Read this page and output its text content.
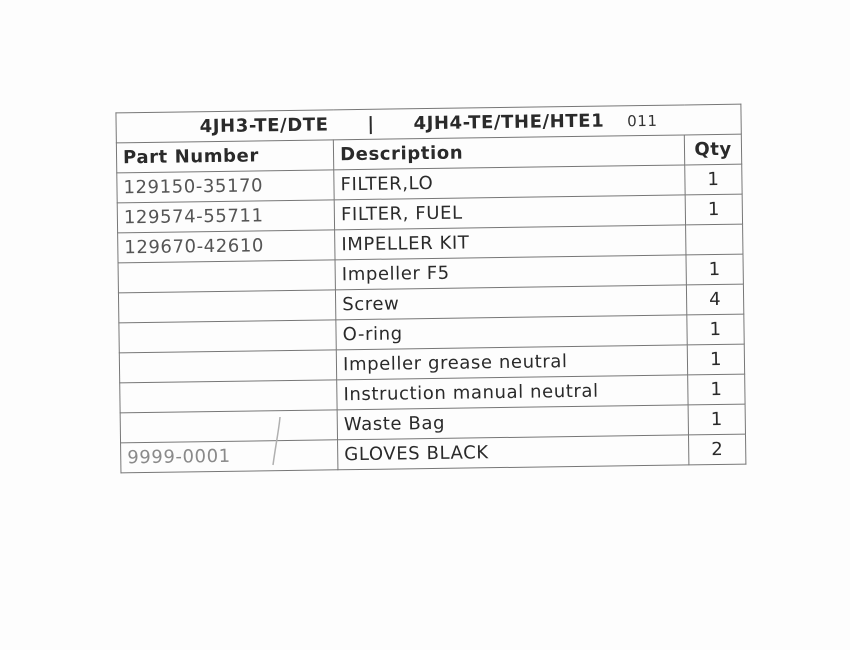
4JH3-TE/DTE | 4JH4-TE/THE/HTE1 011		
Part Number	Description	Qty
129150-35170	FILTER,LO	1
129574-55711	FILTER, FUEL	1
129670-42610	IMPELLER KIT	
	Impeller F5	1
	Screw	4
	O-ring	1
	Impeller grease neutral	1
	Instruction manual neutral	1
	Waste Bag	1
9999-0001	GLOVES BLACK	2
